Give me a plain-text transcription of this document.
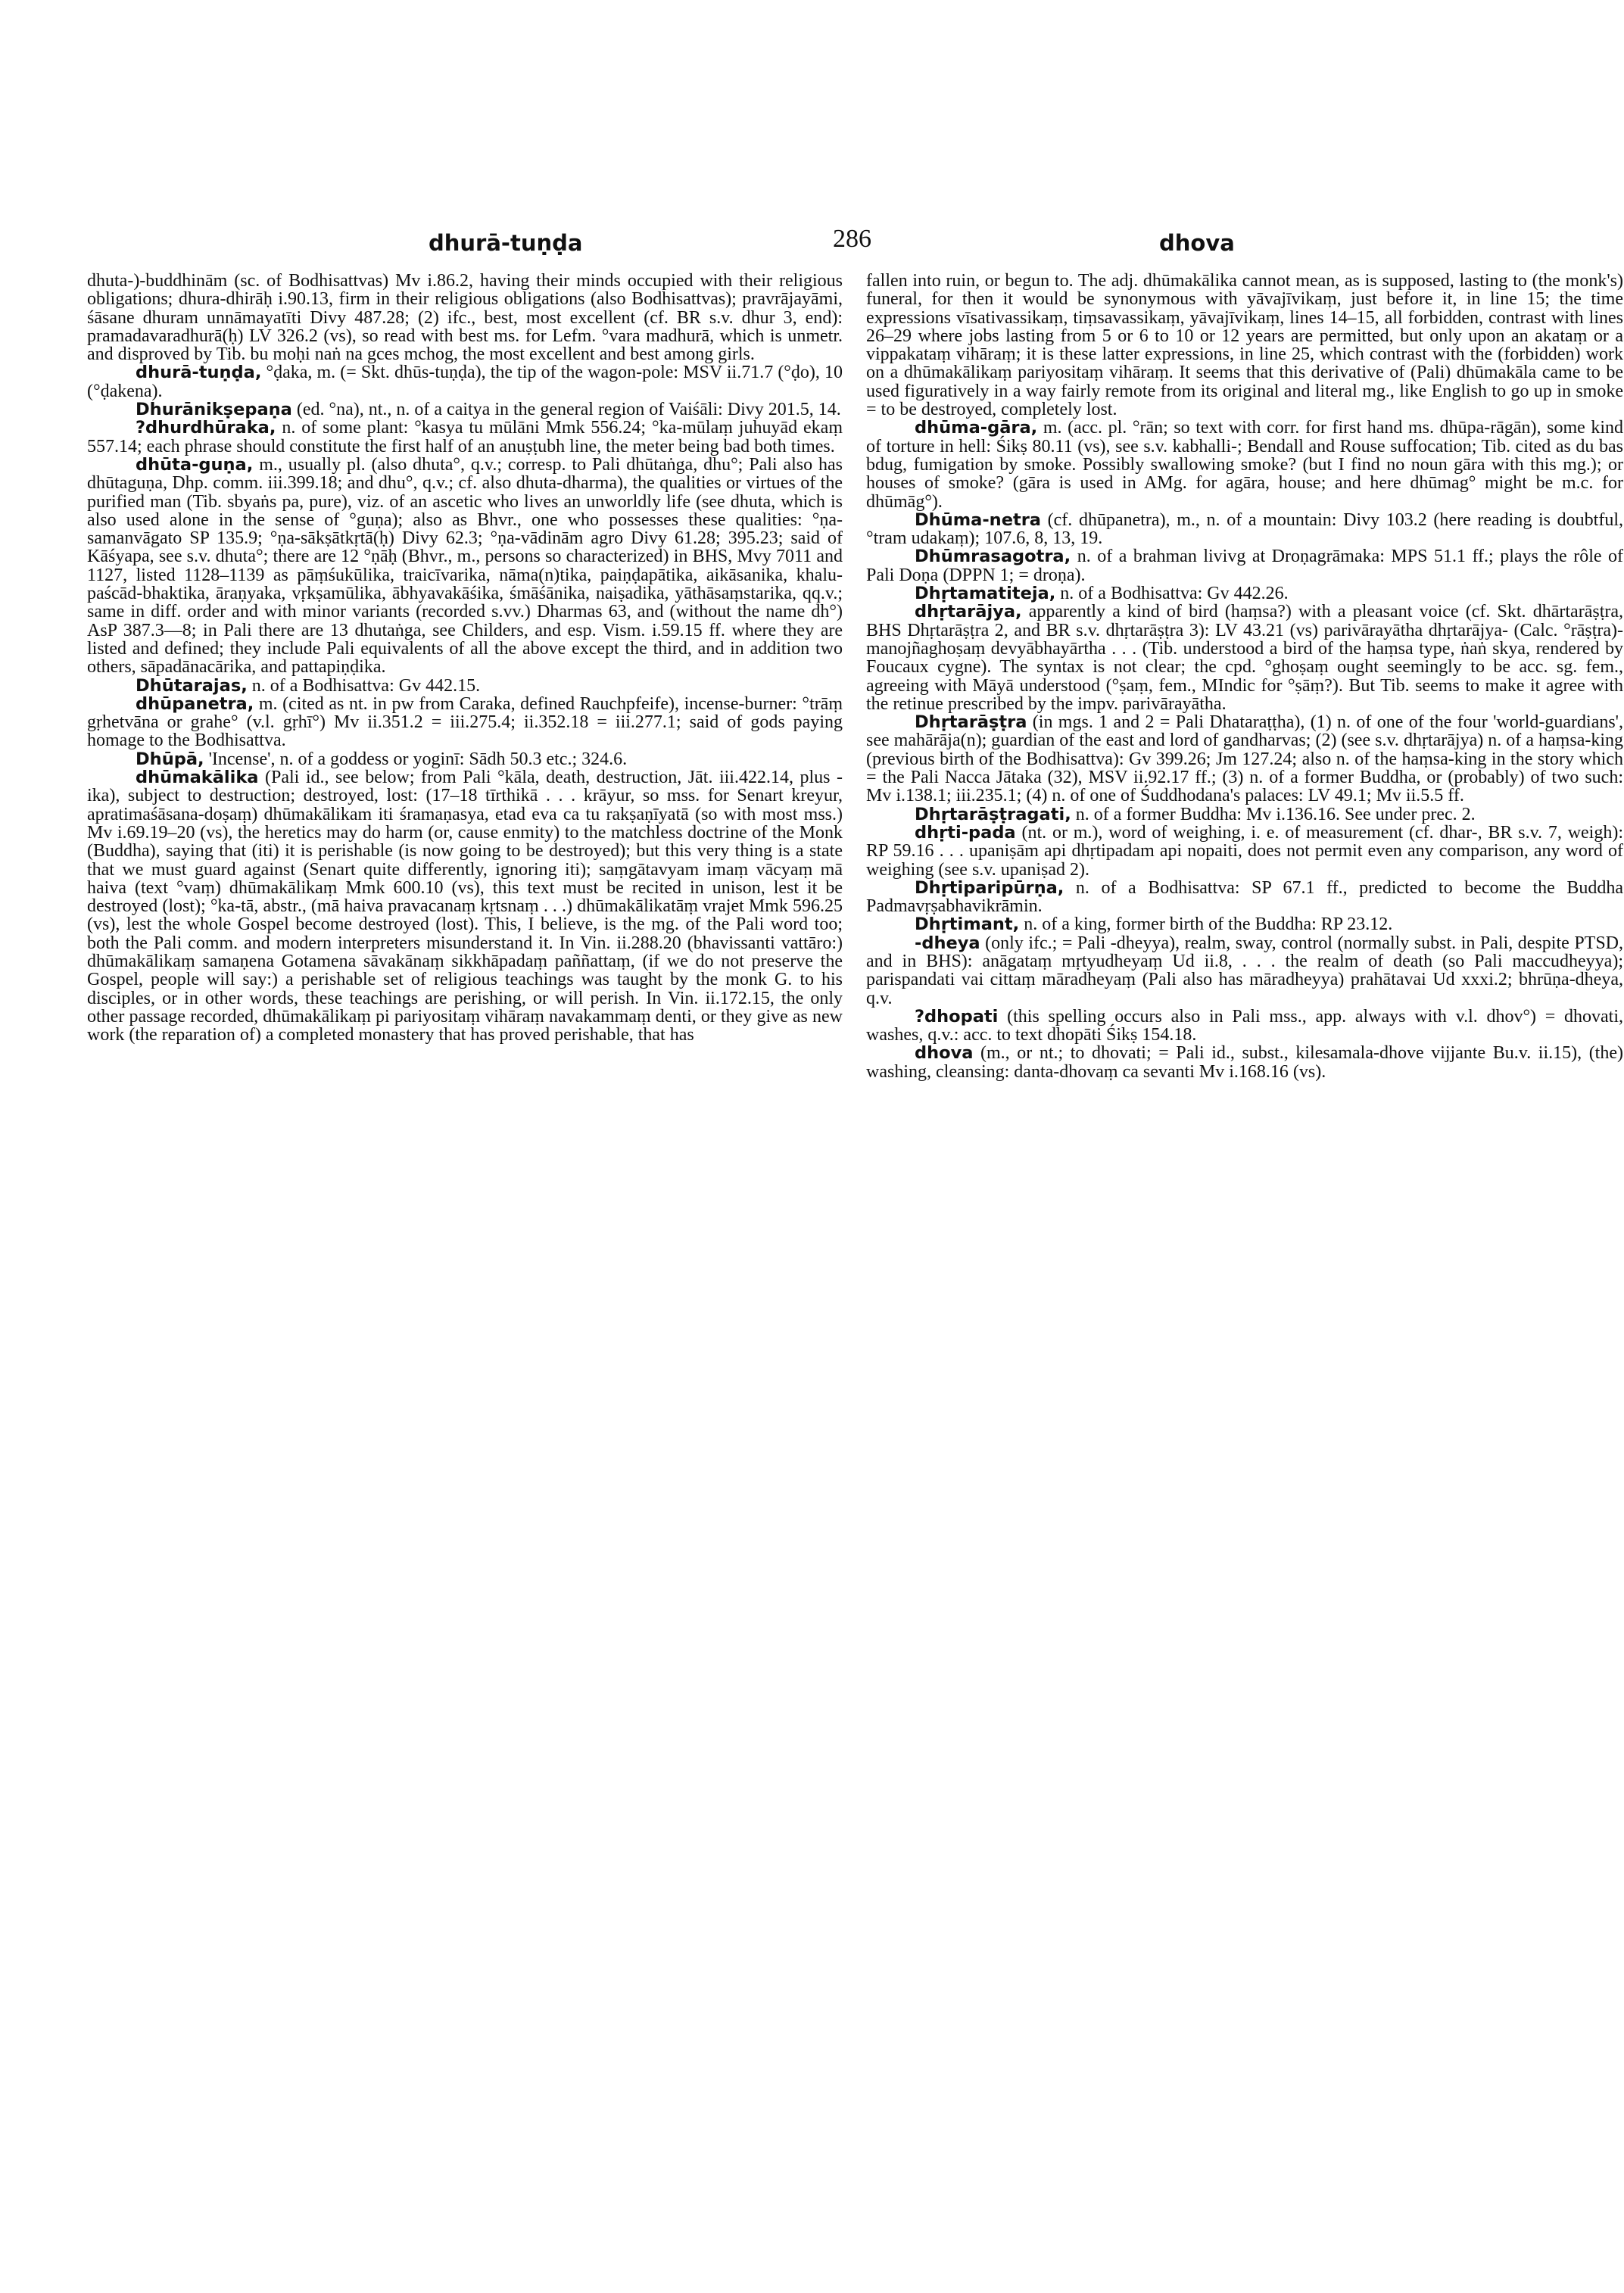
dhurā-tuṇḍa	286	dhova

dhuta-)-buddhinām (sc. of Bodhisattvas) Mv i.86.2, having their minds occupied with their religious obligations; dhura-dhirāḥ i.90.13, firm in their religious obligations (also Bodhisattvas); pravrājayāmi, śāsane dhuram unnāmayatīti Divy 487.28; (2) ifc., best, most excellent (cf. BR s.v. dhur 3, end): pramadavaradhurā(ḥ) LV 326.2 (vs), so read with best ms. for Lefm. °vara madhurā, which is unmetr. and disproved by Tib. bu moḥi naṅ na gces mchog, the most excellent and best among girls.

dhurā-tuṇḍa, °ḍaka, m. (= Skt. dhūs-tuṇḍa), the tip of the wagon-pole: MSV ii.71.7 (°ḍo), 10 (°ḍakena).

Dhurānikṣepaṇa (ed. °na), nt., n. of a caitya in the general region of Vaiśāli: Divy 201.5, 14.

?dhurdhūraka, n. of some plant: °kasya tu mūlāni Mmk 556.24; °ka-mūlaṃ juhuyād ekaṃ 557.14; each phrase should constitute the first half of an anuṣṭubh line, the meter being bad both times.

dhūta-guṇa, m., usually pl. (also dhuta°, q.v.; corresp. to Pali dhūtaṅga, dhu°; Pali also has dhūtaguṇa, Dhp. comm. iii.399.18; and dhu°, q.v.; cf. also dhuta-dharma), the qualities or virtues of the purified man (Tib. sbyaṅs pa, pure), viz. of an ascetic who lives an unworldly life (see dhuta, which is also used alone in the sense of °guṇa); also as Bhvr., one who possesses these qualities: °ṇa-samanvāgato SP 135.9; °ṇa-sākṣātkṛtā(ḥ) Divy 62.3; °ṇa-vādinām agro Divy 61.28; 395.23; said of Kāśyapa, see s.v. dhuta°; there are 12 °ṇāḥ (Bhvr., m., persons so characterized) in BHS, Mvy 7011 and 1127, listed 1128–1139 as pāṃśukūlika, traicīvarika, nāma(n)tika, paiṇḍapātika, aikāsanika, khalu-paścād-bhaktika, āraṇyaka, vṛkṣamūlika, ābhyavakāśika, śmāśānika, naiṣadika, yāthāsaṃstarika, qq.v.; same in diff. order and with minor variants (recorded s.vv.) Dharmas 63, and (without the name dh°) AsP 387.3—8; in Pali there are 13 dhutaṅga, see Childers, and esp. Vism. i.59.15 ff. where they are listed and defined; they include Pali equivalents of all the above except the third, and in addition two others, sāpadānacārika, and pattapiṇḍika.

Dhūtarajas, n. of a Bodhisattva: Gv 442.15.

dhūpanetra, m. (cited as nt. in pw from Caraka, defined Rauchpfeife), incense-burner: °trāṃ gṛhetvāna or grahe° (v.l. gṛhī°) Mv ii.351.2 = iii.275.4; ii.352.18 = iii.277.1; said of gods paying homage to the Bodhisattva.

Dhūpā, 'Incense', n. of a goddess or yoginī: Sādh 50.3 etc.; 324.6.

dhūmakālika (Pali id., see below; from Pali °kāla, death, destruction, Jāt. iii.422.14, plus -ika), subject to destruction; destroyed, lost: (17–18 tīrthikā . . . krāyur, so mss. for Senart kreyur, apratimaśāsana-doṣaṃ) dhūmakālikam iti śramaṇasya, etad eva ca tu rakṣaṇīyatā (so with most mss.) Mv i.69.19–20 (vs), the heretics may do harm (or, cause enmity) to the matchless doctrine of the Monk (Buddha), saying that (iti) it is perishable (is now going to be destroyed); but this very thing is a state that we must guard against (Senart quite differently, ignoring iti); saṃgātavyam imaṃ vācyaṃ mā haiva (text °vaṃ) dhūmakālikaṃ Mmk 600.10 (vs), this text must be recited in unison, lest it be destroyed (lost); °ka-tā, abstr., (mā haiva pravacanaṃ kṛtsnaṃ . . .) dhūmakālikatāṃ vrajet Mmk 596.25 (vs), lest the whole Gospel become destroyed (lost). This, I believe, is the mg. of the Pali word too; both the Pali comm. and modern interpreters misunderstand it. In Vin. ii.288.20 (bhavissanti vattāro:) dhūmakālikaṃ samaṇena Gotamena sāvakānaṃ sikkhāpadaṃ paññattaṃ, (if we do not preserve the Gospel, people will say:) a perishable set of religious teachings was taught by the monk G. to his disciples, or in other words, these teachings are perishing, or will perish. In Vin. ii.172.15, the only other passage recorded, dhūmakālikaṃ pi pariyositaṃ vihāraṃ navakammaṃ denti, or they give as new work (the reparation of) a completed monastery that has proved perishable, that has

fallen into ruin, or begun to. The adj. dhūmakālika cannot mean, as is supposed, lasting to (the monk's) funeral, for then it would be synonymous with yāvajīvikaṃ, just before it, in line 15; the time expressions vīsativassikaṃ, tiṃsavassikaṃ, yāvajīvikaṃ, lines 14–15, all forbidden, contrast with lines 26–29 where jobs lasting from 5 or 6 to 10 or 12 years are permitted, but only upon an akataṃ or a vippakataṃ vihāraṃ; it is these latter expressions, in line 25, which contrast with the (forbidden) work on a dhūmakālikaṃ pariyositaṃ vihāraṃ. It seems that this derivative of (Pali) dhūmakāla came to be used figuratively in a way fairly remote from its original and literal mg., like English to go up in smoke = to be destroyed, completely lost.

dhūma-gāra, m. (acc. pl. °rān; so text with corr. for first hand ms. dhūpa-rāgān), some kind of torture in hell: Śikṣ 80.11 (vs), see s.v. kabhalli-; Bendall and Rouse suffocation; Tib. cited as du bas bdug, fumigation by smoke. Possibly swallowing smoke? (but I find no noun gāra with this mg.); or houses of smoke? (gāra is used in AMg. for agāra, house; and here dhūmag° might be m.c. for dhūmāg°).

Dhūma-netra (cf. dhūpanetra), m., n. of a mountain: Divy 103.2 (here reading is doubtful, °tram udakaṃ); 107.6, 8, 13, 19.

Dhūmrasagotra, n. of a brahman livivg at Droṇagrāmaka: MPS 51.1 ff.; plays the rôle of Pali Doṇa (DPPN 1; = droṇa).

Dhṛtamatiteja, n. of a Bodhisattva: Gv 442.26.

dhṛtarājya, apparently a kind of bird (haṃsa?) with a pleasant voice (cf. Skt. dhārtarāṣṭra, BHS Dhṛtarāṣṭra 2, and BR s.v. dhṛtarāṣṭra 3): LV 43.21 (vs) parivārayātha dhṛtarājya- (Calc. °rāṣṭra)-manojñaghoṣaṃ devyābhayārtha . . . (Tib. understood a bird of the haṃsa type, ṅaṅ skya, rendered by Foucaux cygne). The syntax is not clear; the cpd. °ghoṣaṃ ought seemingly to be acc. sg. fem., agreeing with Māyā understood (°ṣaṃ, fem., MIndic for °ṣāṃ?). But Tib. seems to make it agree with the retinue prescribed by the impv. parivārayātha.

Dhṛtarāṣṭra (in mgs. 1 and 2 = Pali Dhataraṭṭha), (1) n. of one of the four 'world-guardians', see mahārāja(n); guardian of the east and lord of gandharvas; (2) (see s.v. dhṛtarājya) n. of a haṃsa-king (previous birth of the Bodhisattva): Gv 399.26; Jm 127.24; also n. of the haṃsa-king in the story which = the Pali Nacca Jātaka (32), MSV ii.92.17 ff.; (3) n. of a former Buddha, or (probably) of two such: Mv i.138.1; iii.235.1; (4) n. of one of Śuddhodana's palaces: LV 49.1; Mv ii.5.5 ff.

Dhṛtarāṣṭragati, n. of a former Buddha: Mv i.136.16. See under prec. 2.

dhṛti-pada (nt. or m.), word of weighing, i. e. of measurement (cf. dhar-, BR s.v. 7, weigh): RP 59.16 . . . upaniṣām api dhṛtipadam api nopaiti, does not permit even any comparison, any word of weighing (see s.v. upaniṣad 2).

Dhṛtiparipūrṇa, n. of a Bodhisattva: SP 67.1 ff., predicted to become the Buddha Padmavṛṣabhavikrāmin.

Dhṛtimant, n. of a king, former birth of the Buddha: RP 23.12.

-dheya (only ifc.; = Pali -dheyya), realm, sway, control (normally subst. in Pali, despite PTSD, and in BHS): anāgataṃ mṛtyudheyaṃ Ud ii.8, . . . the realm of death (so Pali maccudheyya); parispandati vai cittaṃ māradheyaṃ (Pali also has māradheyya) prahātavai Ud xxxi.2; bhrūṇa-dheya, q.v.

?dhopati (this spelling occurs also in Pali mss., app. always with v.l. dhov°) = dhovati, washes, q.v.: acc. to text dhopāti Śikṣ 154.18.

dhova (m., or nt.; to dhovati; = Pali id., subst., kilesamala-dhove vijjante Bu.v. ii.15), (the) washing, cleansing: danta-dhovaṃ ca sevanti Mv i.168.16 (vs).
